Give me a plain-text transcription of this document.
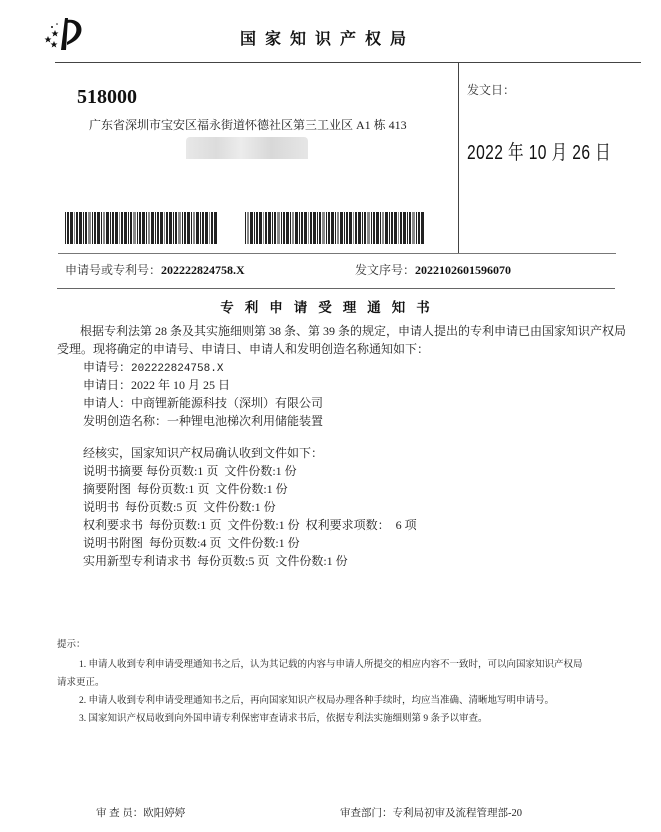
国家知识产权局
518000
广东省深圳市宝安区福永街道怀德社区第三工业区 A1 栋 413
发文日：
2022 年 10 月 26 日
申请号或专利号：202222824758.X	发文序号：2022102601596070
专利申请受理通知书
根据专利法第 28 条及其实施细则第 38 条、第 39 条的规定，申请人提出的专利申请已由国家知识产权局
受理。现将确定的申请号、申请日、申请人和发明创造名称通知如下：
申请号：202222824758.X
申请日：2022 年 10 月 25 日
申请人：中商锂新能源科技（深圳）有限公司
发明创造名称：一种锂电池梯次利用储能装置
经核实，国家知识产权局确认收到文件如下：
说明书摘要 每份页数:1 页  文件份数:1 份
摘要附图  每份页数:1 页  文件份数:1 份
说明书  每份页数:5 页  文件份数:1 份
权利要求书  每份页数:1 页  文件份数:1 份  权利要求项数：  6 项
说明书附图  每份页数:4 页  文件份数:1 份
实用新型专利请求书  每份页数:5 页  文件份数:1 份
提示：
1. 申请人收到专利申请受理通知书之后，认为其记载的内容与申请人所提交的相应内容不一致时，可以向国家知识产权局
请求更正。
2. 申请人收到专利申请受理通知书之后，再向国家知识产权局办理各种手续时，均应当准确、清晰地写明申请号。
3. 国家知识产权局收到向外国申请专利保密审查请求书后，依据专利法实施细则第 9 条予以审查。
审 查 员：欧阳婷婷	审查部门：专利局初审及流程管理部-20
